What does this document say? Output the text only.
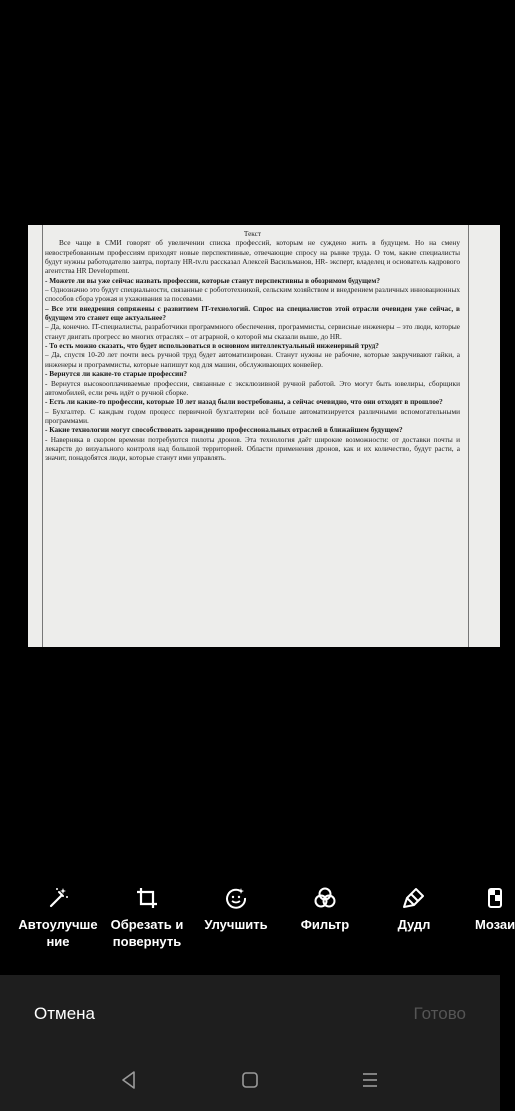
Текст

Все чаще в СМИ говорят об увеличении списка профессий, которым не суждено жить в будущем. Но на смену невостребованным профессиям приходят новые перспективные, отвечающие спросу на рынке труда. О том, какие специалисты будут нужны работодателю завтра, порталу HR-tv.ru рассказал Алексей Васильманов, HR- эксперт, владелец и основатель кадрового агентства HR Development.

- Можете ли вы уже сейчас назвать профессии, которые станут перспективны в обозримом будущем?

– Однозначно это будут специальности, связанные с робототехникой, сельским хозяйством и внедрением различных инновационных способов сбора урожая и ухаживания за посевами.

– Все эти внедрения сопряжены с развитием IT-технологий. Спрос на специалистов этой отрасли очевиден уже сейчас, в будущем это станет еще актуальнее?

– Да, конечно. IT-специалисты, разработчики программного обеспечения, программисты, сервисные инженеры – это люди, которые станут двигать прогресс во многих отраслях – от аграрной, о которой мы сказали выше, до HR.

- То есть можно сказать, что будет использоваться в основном интеллектуальный инженерный труд?

– Да, спустя 10-20 лет почти весь ручной труд будет автоматизирован. Станут нужны не рабочие, которые закручивают гайки, а инженеры и программисты, которые напишут код для машин, обслуживающих конвейер.

- Вернутся ли какие-то старые профессии?

- Вернутся высокооплачиваемые профессии, связанные с эксклюзивной ручной работой. Это могут быть ювелиры, сборщики автомобилей, если речь идёт о ручной сборке.

- Есть ли какие-то профессии, которые 10 лет назад были востребованы, а сейчас очевидно, что они отходят в прошлое?

– Бухгалтер. С каждым годом процесс первичной бухгалтерии всё больше автоматизируется различными вспомогательными программами.

- Какие технологии могут способствовать зарождению профессиональных отраслей в ближайшем будущем?

- Наверняка в скором времени потребуются пилоты дронов. Эта технология даёт широкие возможности: от доставки почты и лекарств до визуального контроля над большой территорией. Области применения дронов, как и их количество, будут расти, а значит, понадобятся люди, которые станут ими управлять.

Автоулучше
ние
Обрезать и
повернуть
Улучшить	Фильтр	Дудл	Мозаи
Отмена	Готово
